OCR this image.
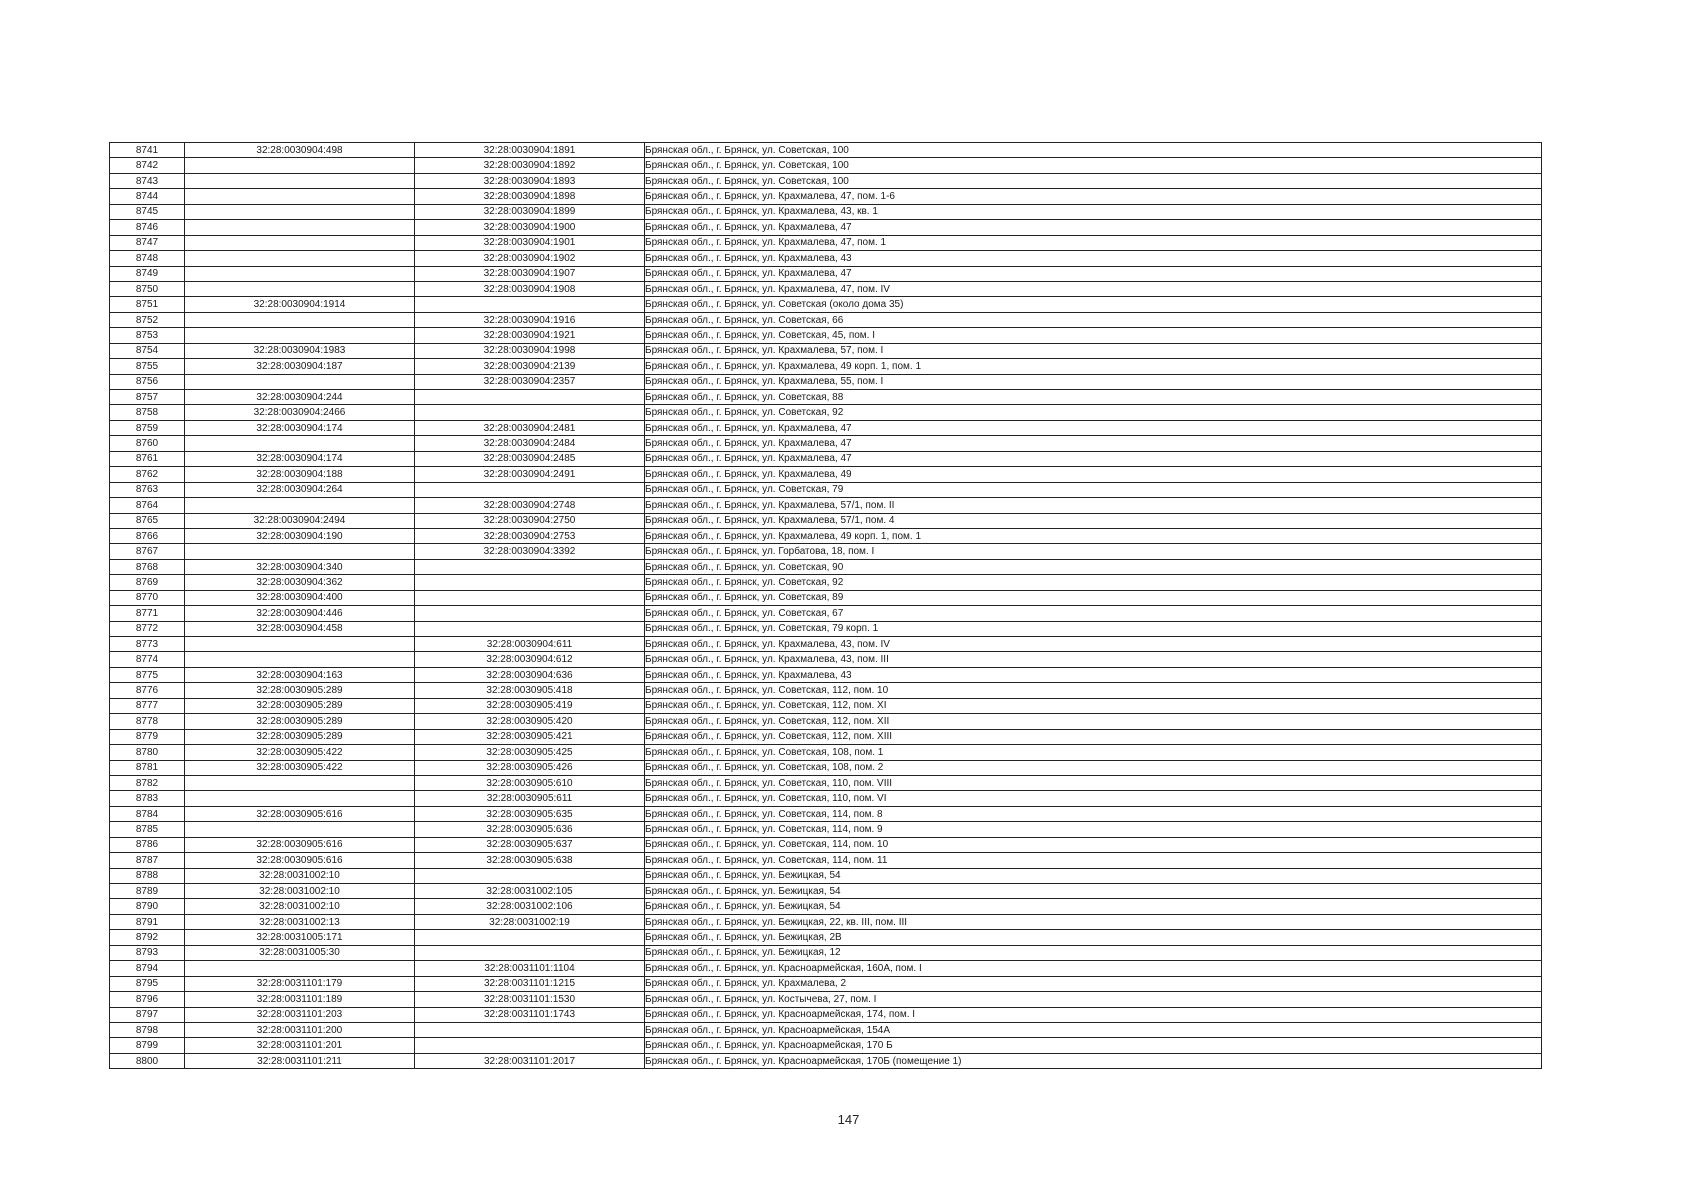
8741	32:28:0030904:498	32:28:0030904:1891	Брянская обл., г. Брянск, ул. Советская, 100
8742		32:28:0030904:1892	Брянская обл., г. Брянск, ул. Советская, 100
8743		32:28:0030904:1893	Брянская обл., г. Брянск, ул. Советская, 100
8744		32:28:0030904:1898	Брянская обл., г. Брянск, ул. Крахмалева, 47, пом. 1-6
8745		32:28:0030904:1899	Брянская обл., г. Брянск, ул. Крахмалева, 43, кв. 1
8746		32:28:0030904:1900	Брянская обл., г. Брянск, ул. Крахмалева, 47
8747		32:28:0030904:1901	Брянская обл., г. Брянск, ул. Крахмалева, 47, пом. 1
8748		32:28:0030904:1902	Брянская обл., г. Брянск, ул. Крахмалева, 43
8749		32:28:0030904:1907	Брянская обл., г. Брянск, ул. Крахмалева, 47
8750		32:28:0030904:1908	Брянская обл., г. Брянск, ул. Крахмалева, 47, пом. IV
8751	32:28:0030904:1914		Брянская обл., г. Брянск, ул. Советская (около дома 35)
8752		32:28:0030904:1916	Брянская обл., г. Брянск, ул. Советская, 66
8753		32:28:0030904:1921	Брянская обл., г. Брянск, ул. Советская, 45, пом. I
8754	32:28:0030904:1983	32:28:0030904:1998	Брянская обл., г. Брянск, ул. Крахмалева, 57, пом. I
8755	32:28:0030904:187	32:28:0030904:2139	Брянская обл., г. Брянск, ул. Крахмалева, 49 корп. 1, пом. 1
8756		32:28:0030904:2357	Брянская обл., г. Брянск, ул. Крахмалева, 55, пом. I
8757	32:28:0030904:244		Брянская обл., г. Брянск, ул. Советская, 88
8758	32:28:0030904:2466		Брянская обл., г. Брянск, ул. Советская, 92
8759	32:28:0030904:174	32:28:0030904:2481	Брянская обл., г. Брянск, ул. Крахмалева, 47
8760		32:28:0030904:2484	Брянская обл., г. Брянск, ул. Крахмалева, 47
8761	32:28:0030904:174	32:28:0030904:2485	Брянская обл., г. Брянск, ул. Крахмалева, 47
8762	32:28:0030904:188	32:28:0030904:2491	Брянская обл., г. Брянск, ул. Крахмалева, 49
8763	32:28:0030904:264		Брянская обл., г. Брянск, ул. Советская, 79
8764		32:28:0030904:2748	Брянская обл., г. Брянск, ул. Крахмалева, 57/1, пом. II
8765	32:28:0030904:2494	32:28:0030904:2750	Брянская обл., г. Брянск, ул. Крахмалева, 57/1, пом. 4
8766	32:28:0030904:190	32:28:0030904:2753	Брянская обл., г. Брянск, ул. Крахмалева, 49 корп. 1, пом. 1
8767		32:28:0030904:3392	Брянская обл., г. Брянск, ул. Горбатова, 18, пом. I
8768	32:28:0030904:340		Брянская обл., г. Брянск, ул. Советская, 90
8769	32:28:0030904:362		Брянская обл., г. Брянск, ул. Советская, 92
8770	32:28:0030904:400		Брянская обл., г. Брянск, ул. Советская, 89
8771	32:28:0030904:446		Брянская обл., г. Брянск, ул. Советская, 67
8772	32:28:0030904:458		Брянская обл., г. Брянск, ул. Советская, 79 корп. 1
8773		32:28:0030904:611	Брянская обл., г. Брянск, ул. Крахмалева, 43, пом. IV
8774		32:28:0030904:612	Брянская обл., г. Брянск, ул. Крахмалева, 43, пом. III
8775	32:28:0030904:163	32:28:0030904:636	Брянская обл., г. Брянск, ул. Крахмалева, 43
8776	32:28:0030905:289	32:28:0030905:418	Брянская обл., г. Брянск, ул. Советская, 112, пом. 10
8777	32:28:0030905:289	32:28:0030905:419	Брянская обл., г. Брянск, ул. Советская, 112, пом. XI
8778	32:28:0030905:289	32:28:0030905:420	Брянская обл., г. Брянск, ул. Советская, 112, пом. XII
8779	32:28:0030905:289	32:28:0030905:421	Брянская обл., г. Брянск, ул. Советская, 112, пом. XIII
8780	32:28:0030905:422	32:28:0030905:425	Брянская обл., г. Брянск, ул. Советская, 108, пом. 1
8781	32:28:0030905:422	32:28:0030905:426	Брянская обл., г. Брянск, ул. Советская, 108, пом. 2
8782		32:28:0030905:610	Брянская обл., г. Брянск, ул. Советская, 110, пом. VIII
8783		32:28:0030905:611	Брянская обл., г. Брянск, ул. Советская, 110, пом. VI
8784	32:28:0030905:616	32:28:0030905:635	Брянская обл., г. Брянск, ул. Советская, 114, пом. 8
8785		32:28:0030905:636	Брянская обл., г. Брянск, ул. Советская, 114, пом. 9
8786	32:28:0030905:616	32:28:0030905:637	Брянская обл., г. Брянск, ул. Советская, 114, пом. 10
8787	32:28:0030905:616	32:28:0030905:638	Брянская обл., г. Брянск, ул. Советская, 114, пом. 11
8788	32:28:0031002:10		Брянская обл., г. Брянск, ул. Бежицкая, 54
8789	32:28:0031002:10	32:28:0031002:105	Брянская обл., г. Брянск, ул. Бежицкая, 54
8790	32:28:0031002:10	32:28:0031002:106	Брянская обл., г. Брянск, ул. Бежицкая, 54
8791	32:28:0031002:13	32:28:0031002:19	Брянская обл., г. Брянск, ул. Бежицкая, 22, кв. III, пом. III
8792	32:28:0031005:171		Брянская обл., г. Брянск, ул. Бежицкая, 2В
8793	32:28:0031005:30		Брянская обл., г. Брянск, ул. Бежицкая, 12
8794		32:28:0031101:1104	Брянская обл., г. Брянск, ул. Красноармейская, 160А, пом. I
8795	32:28:0031101:179	32:28:0031101:1215	Брянская обл., г. Брянск, ул. Крахмалева, 2
8796	32:28:0031101:189	32:28:0031101:1530	Брянская обл., г. Брянск, ул. Костычева, 27, пом. I
8797	32:28:0031101:203	32:28:0031101:1743	Брянская обл., г. Брянск, ул. Красноармейская, 174, пом. I
8798	32:28:0031101:200		Брянская обл., г. Брянск, ул. Красноармейская, 154А
8799	32:28:0031101:201		Брянская обл., г. Брянск, ул. Красноармейская, 170 Б
8800	32:28:0031101:211	32:28:0031101:2017	Брянская обл., г. Брянск, ул. Красноармейская, 170Б (помещение 1)
147
